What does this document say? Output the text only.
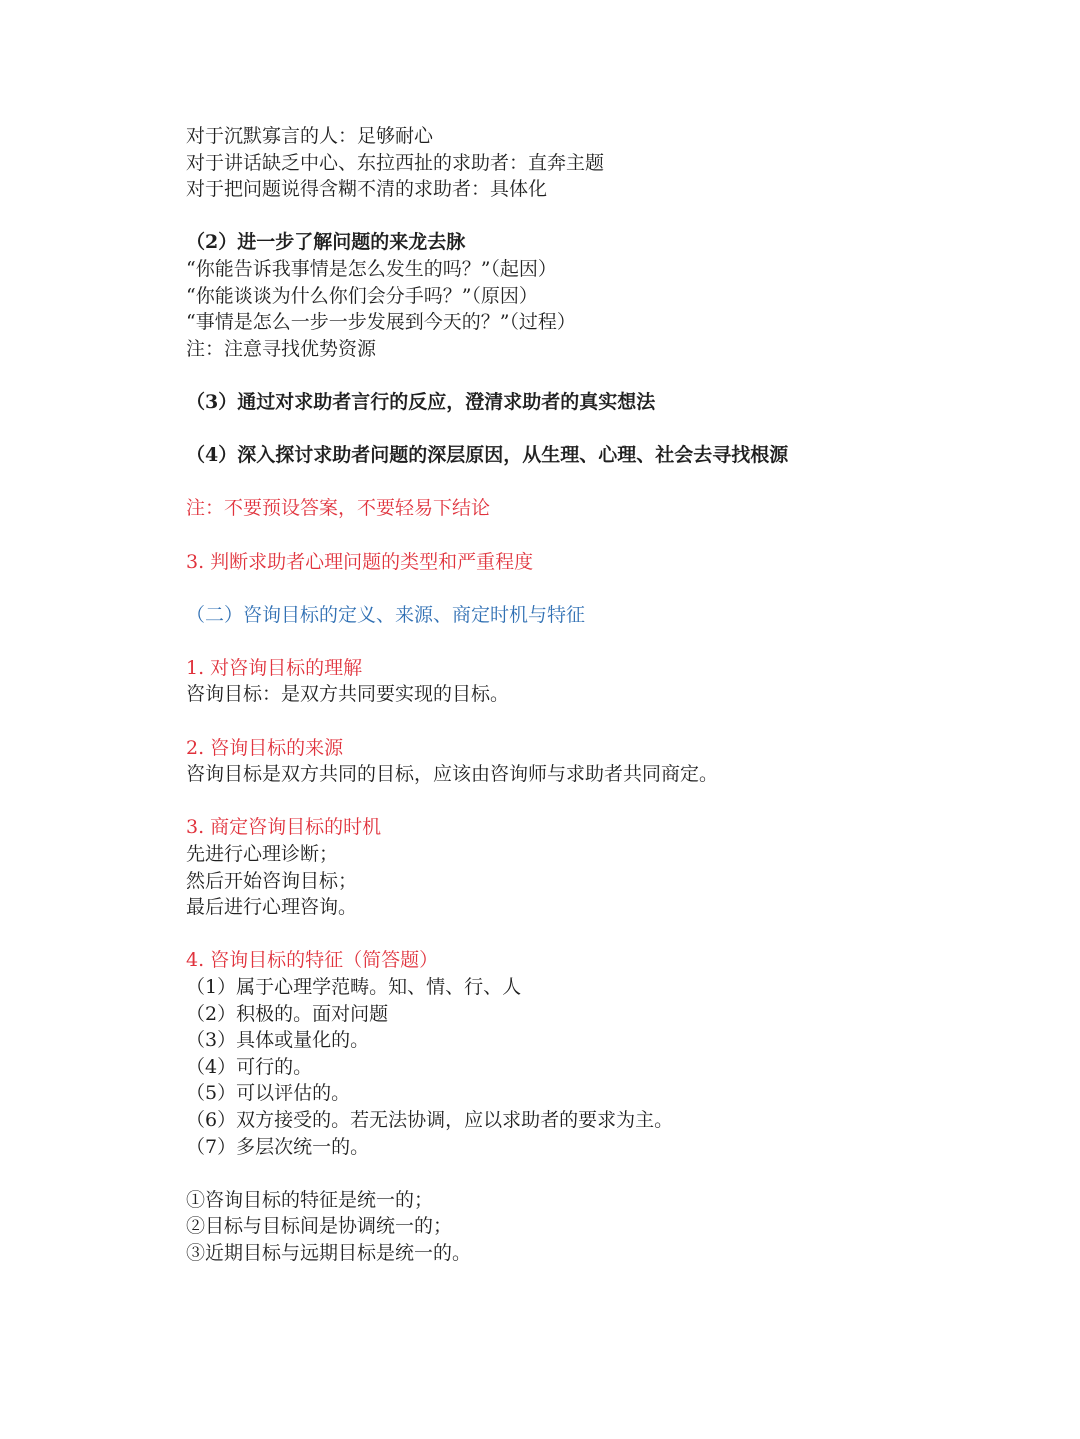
对于沉默寡言的人：足够耐心
对于讲话缺乏中心、东拉西扯的求助者：直奔主题
对于把问题说得含糊不清的求助者：具体化
（2）进一步了解问题的来龙去脉
“你能告诉我事情是怎么发生的吗？”（起因）
“你能谈谈为什么你们会分手吗？”（原因）
“事情是怎么一步一步发展到今天的？”（过程）
注：注意寻找优势资源
（3）通过对求助者言行的反应，澄清求助者的真实想法
（4）深入探讨求助者问题的深层原因，从生理、心理、社会去寻找根源
注：不要预设答案，不要轻易下结论
3. 判断求助者心理问题的类型和严重程度
（二）咨询目标的定义、来源、商定时机与特征
1. 对咨询目标的理解
咨询目标：是双方共同要实现的目标。
2. 咨询目标的来源
咨询目标是双方共同的目标，应该由咨询师与求助者共同商定。
3. 商定咨询目标的时机
先进行心理诊断；
然后开始咨询目标；
最后进行心理咨询。
4. 咨询目标的特征（简答题）
（1）属于心理学范畴。知、情、行、人
（2）积极的。面对问题
（3）具体或量化的。
（4）可行的。
（5）可以评估的。
（6）双方接受的。若无法协调，应以求助者的要求为主。
（7）多层次统一的。
①咨询目标的特征是统一的；
②目标与目标间是协调统一的；
③近期目标与远期目标是统一的。
